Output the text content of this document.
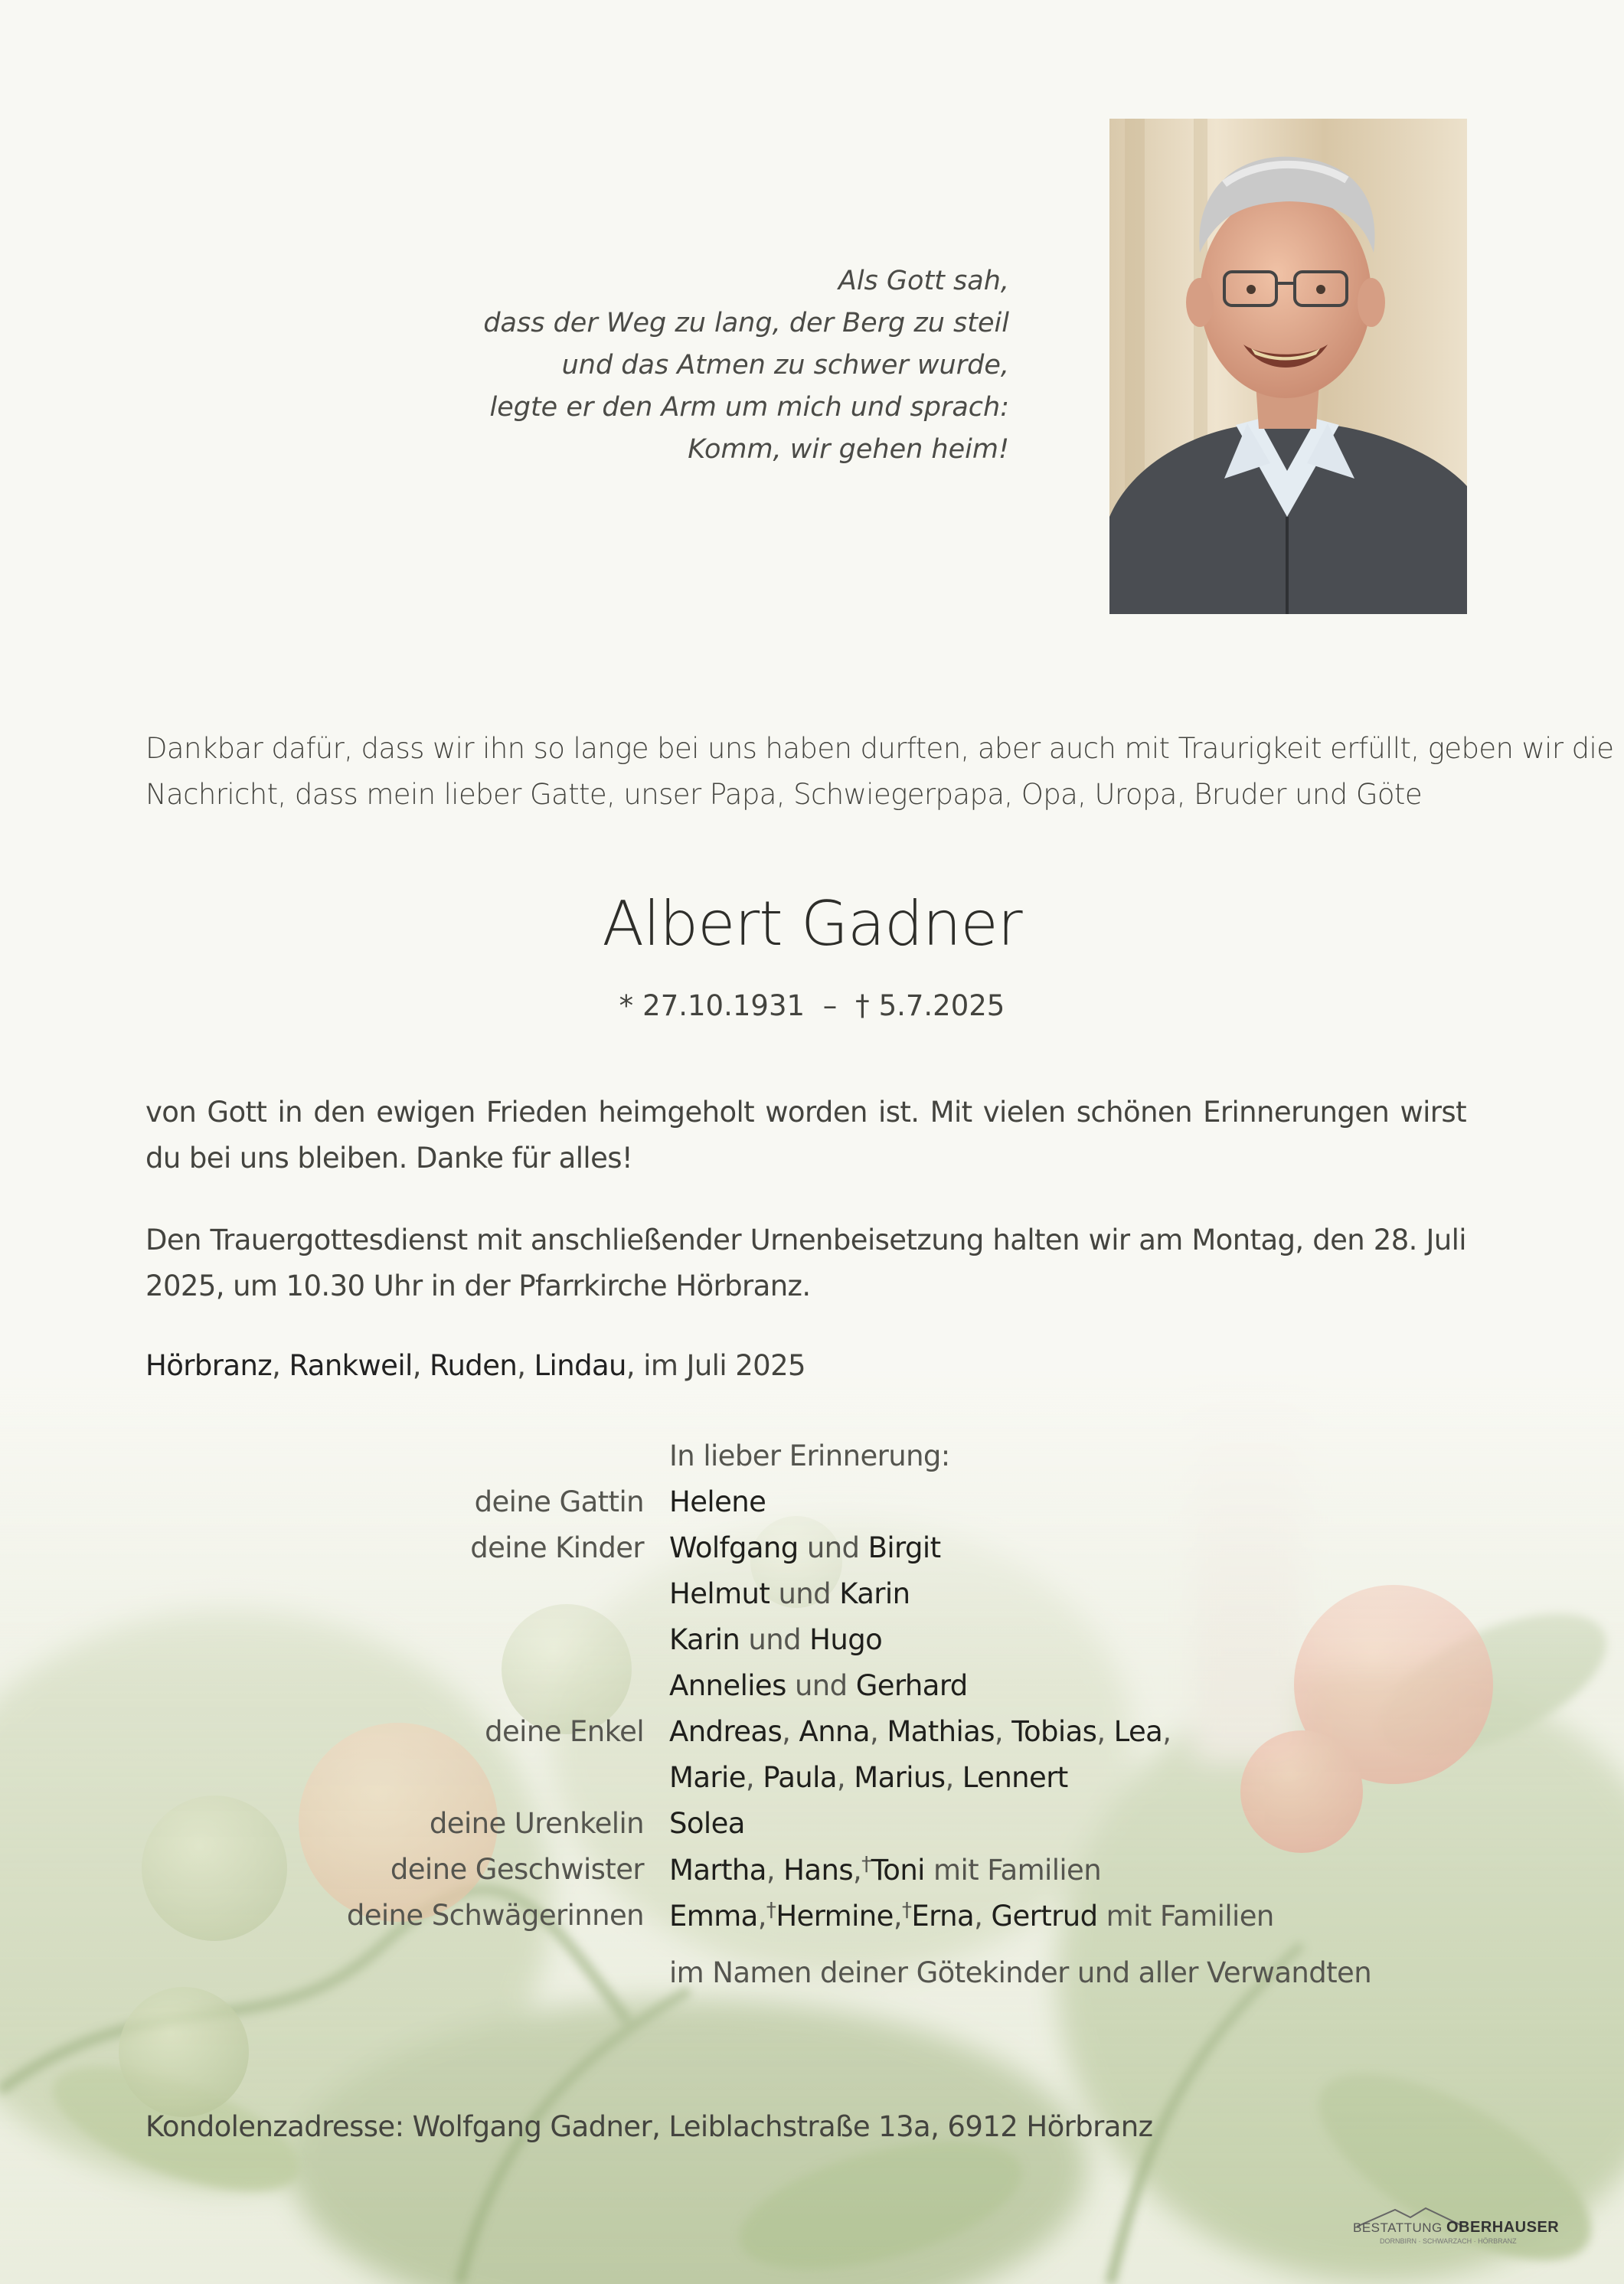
Als Gott sah,
dass der Weg zu lang, der Berg zu steil
und das Atmen zu schwer wurde,
legte er den Arm um mich und sprach:
Komm, wir gehen heim!
Dankbar dafür, dass wir ihn so lange bei uns haben durften, aber auch mit Traurigkeit erfüllt, geben wir die
Nachricht, dass mein lieber Gatte, unser Papa, Schwiegerpapa, Opa, Uropa, Bruder und Göte
Albert Gadner
* 27.10.1931 – † 5.7.2025
von Gott in den ewigen Frieden heimgeholt worden ist. Mit vielen schönen Erinnerungen wirst du bei uns bleiben. Danke für alles!
Den Trauergottesdienst mit anschließender Urnenbeisetzung halten wir am Montag, den 28. Juli 2025, um 10.30 Uhr in der Pfarrkirche Hörbranz.
Hörbranz, Rankweil, Ruden, Lindau, im Juli 2025
In lieber Erinnerung:
deine Gattin Helene
deine Kinder Wolfgang und Birgit
Helmut und Karin
Karin und Hugo
Annelies und Gerhard
deine Enkel Andreas, Anna, Mathias, Tobias, Lea,
Marie, Paula, Marius, Lennert
deine Urenkelin Solea
deine Geschwister Martha, Hans,†Toni mit Familien
deine Schwägerinnen Emma,†Hermine,†Erna, Gertrud mit Familien
im Namen deiner Götekinder und aller Verwandten
Kondolenzadresse: Wolfgang Gadner, Leiblachstraße 13a, 6912 Hörbranz
BESTATTUNG OBERHAUSER
DORNBIRN · SCHWARZACH · HÖRBRANZ
